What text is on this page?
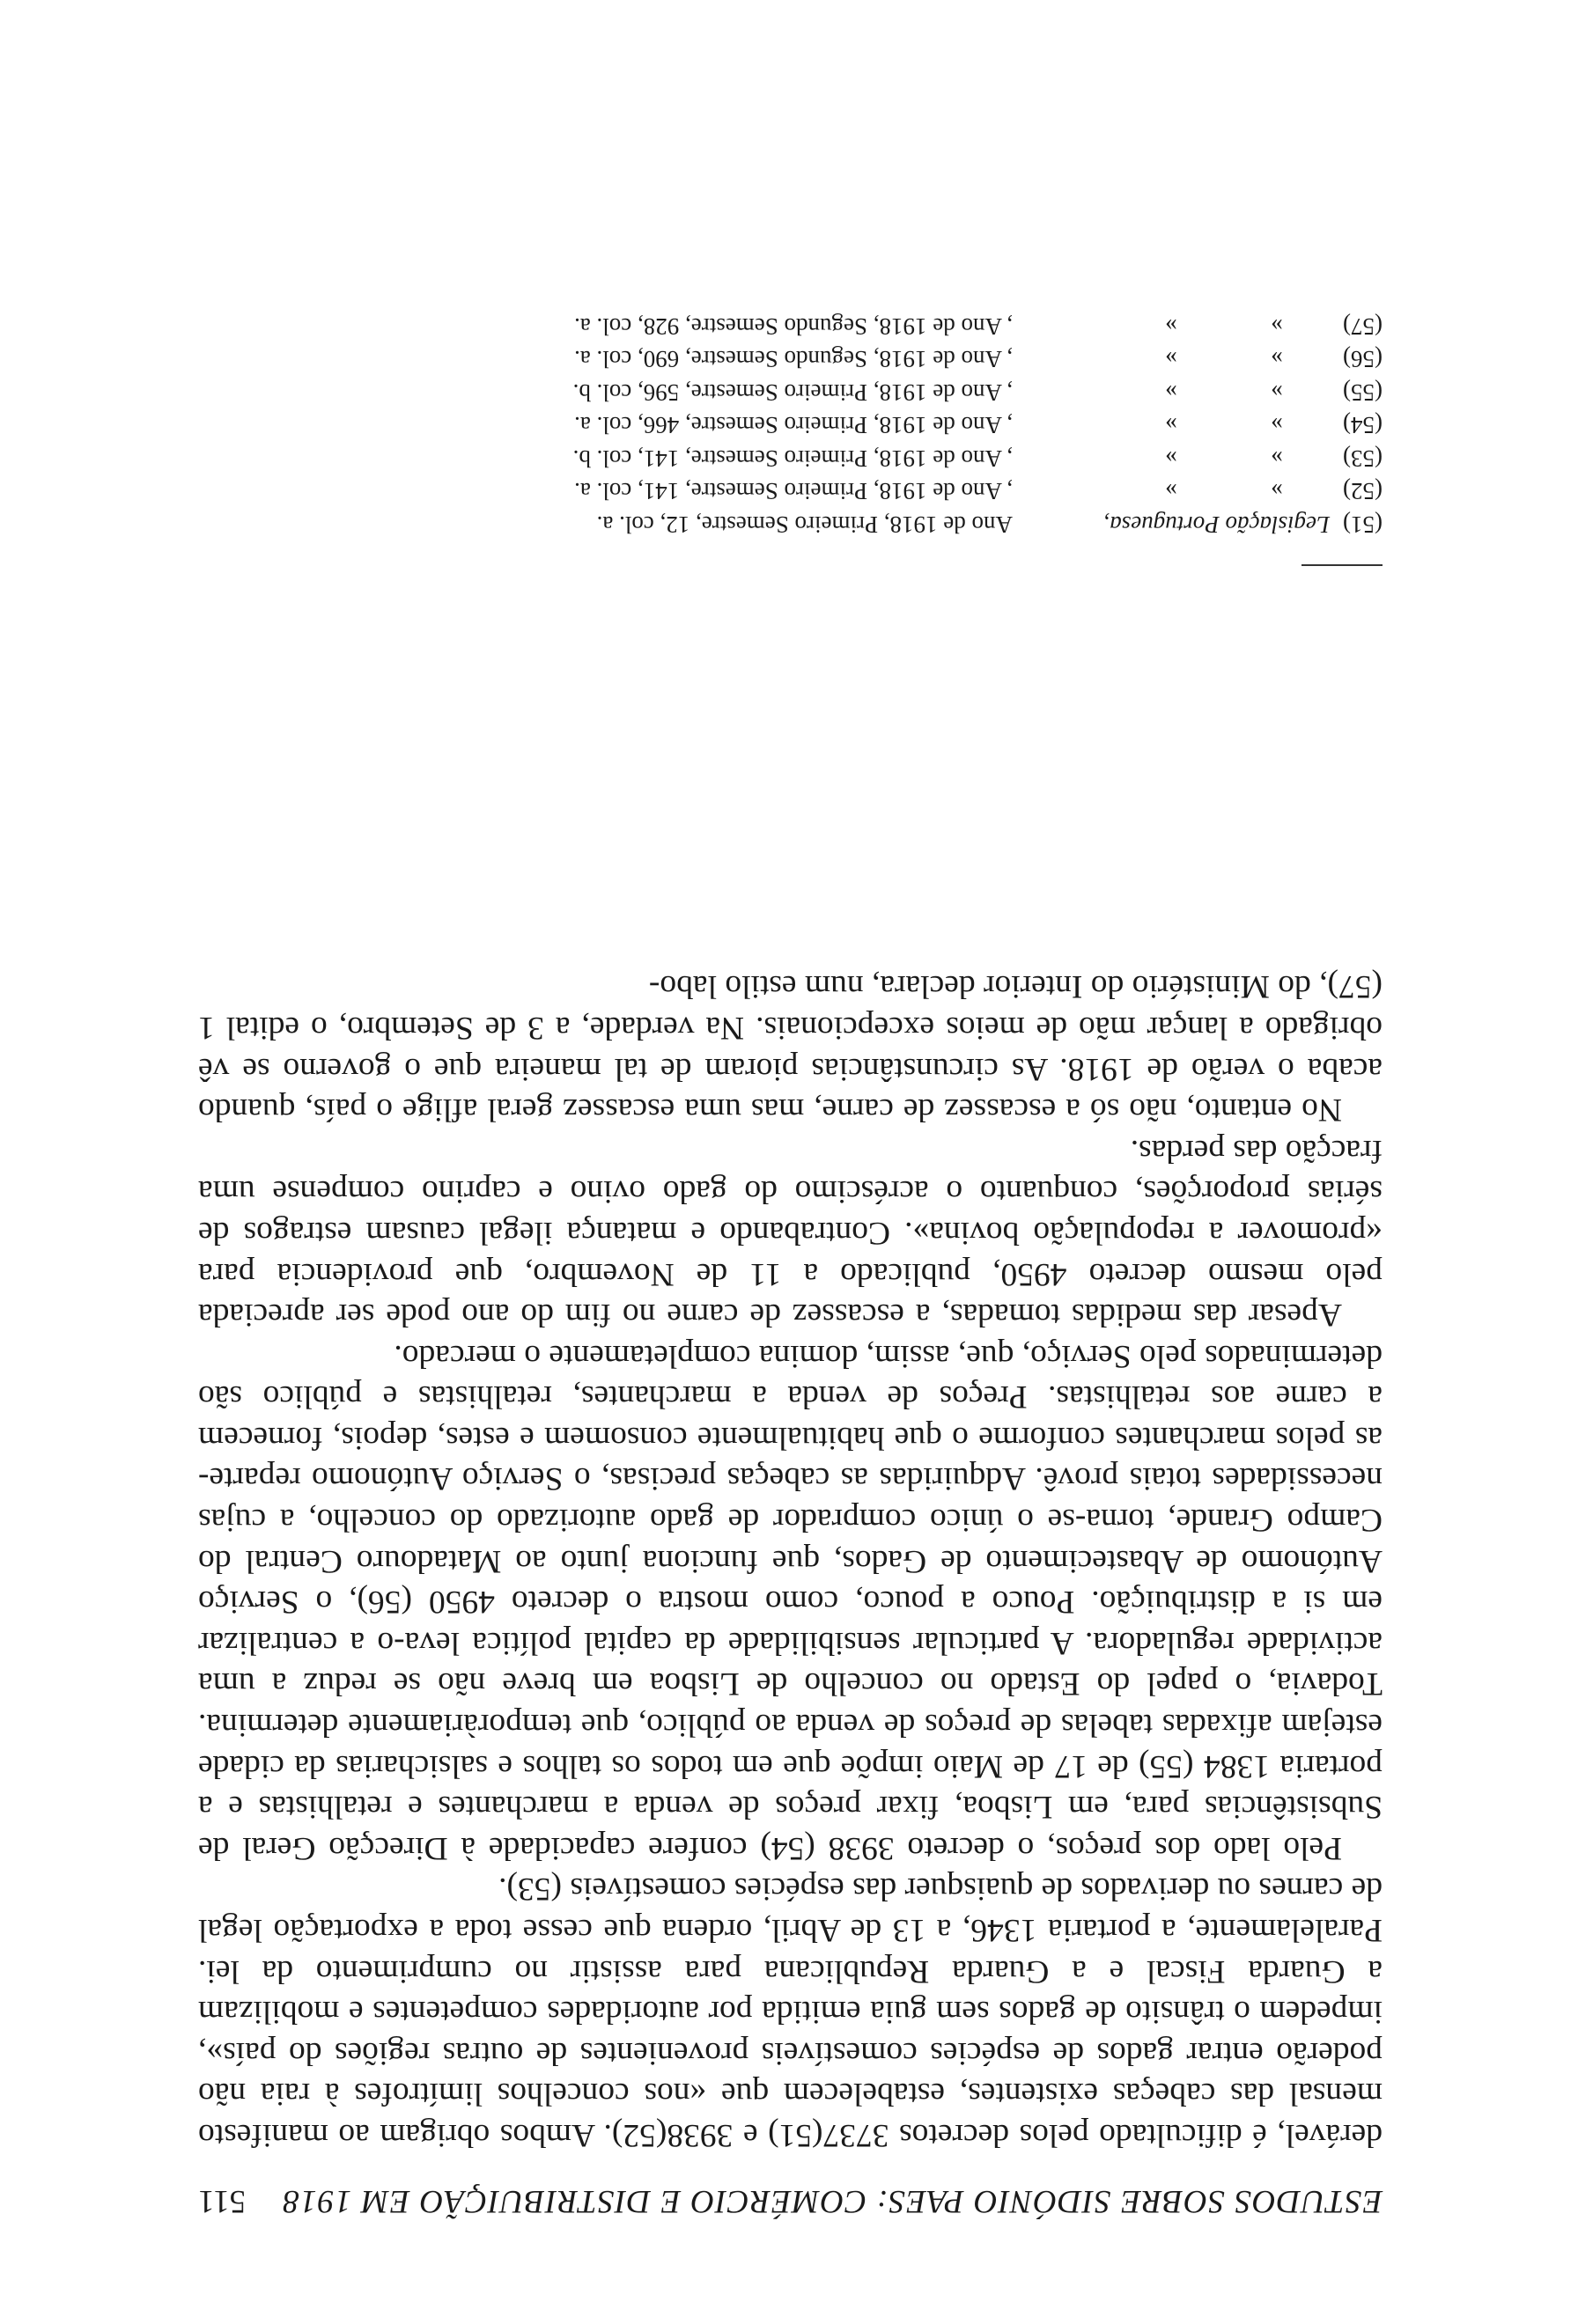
ESTUDOS SOBRE SIDÓNIO PAES: COMÉRCIO E DISTRIBUIÇÃO EM 1918
511

derável, é dificultado pelos decretos 3737(51) e 3938(52). Ambos obrigam ao manifesto mensal das cabeças existentes, estabelecem que «nos concelhos limítrofes à raia não poderão entrar gados de espécies comestíveis provenientes de outras regiões do país», impedem o trânsito de gados sem guia emitida por autoridades competentes e mobilizam a Guarda Fiscal e a Guarda Republicana para assistir no cumprimento da lei. Paralelamente, a portaria 1346, a 13 de Abril, ordena que cesse toda a exportação legal de carnes ou derivados de quaisquer das espécies comestíveis (53).

Pelo lado dos preços, o decreto 3938 (54) confere capacidade à Direcção Geral de Subsistências para, em Lisboa, fixar preços de venda a marchantes e retalhistas e a portaria 1384 (55) de 17 de Maio impõe que em todos os talhos e salsicharias da cidade estejam afixadas tabelas de preços de venda ao público, que temporàriamente determina. Todavia, o papel do Estado no concelho de Lisboa em breve não se reduz a uma actividade reguladora. A particular sensibilidade da capital política leva-o a centralizar em si a distribuição. Pouco a pouco, como mostra o decreto 4950 (56), o Serviço Autónomo de Abastecimento de Gados, que funciona junto ao Matadouro Central do Campo Grande, torna-se o único comprador de gado autorizado do concelho, a cujas necessidades totais provê. Adquiridas as cabeças precisas, o Serviço Autónomo reparte-as pelos marchantes conforme o que habitualmente consomem e estes, depois, fornecem a carne aos retalhistas. Preços de venda a marchantes, retalhistas e público são determinados pelo Serviço, que, assim, domina completamente o mercado.

Apesar das medidas tomadas, a escassez de carne no fim do ano pode ser apreciada pelo mesmo decreto 4950, publicado a 11 de Novembro, que providencia para «promover a repopulação bovina». Contrabando e matança ilegal causam estragos de sérias proporções, conquanto o acréscimo do gado ovino e caprino compense uma fracção das perdas.

No entanto, não só a escassez de carne, mas uma escassez geral aflige o país, quando acaba o verão de 1918. As circunstâncias pioram de tal maneira que o governo se vê obrigado a lançar mão de meios excepcionais. Na verdade, a 3 de Setembro, o edital 1 (57), do Ministério do Interior declara, num estilo labo-

(51)
Legislação Portuguesa,
Ano de 1918, Primeiro Semestre, 12, col. a.
(52)
»»
, Ano de 1918, Primeiro Semestre, 141, col. a.
(53)
»»
, Ano de 1918, Primeiro Semestre, 141, col. b.
(54)
»»
, Ano de 1918, Primeiro Semestre, 466, col. a.
(55)
»»
, Ano de 1918, Primeiro Semestre, 596, col. b.
(56)
»»
, Ano de 1918, Segundo Semestre, 690, col. a.
(57)
»»
, Ano de 1918, Segundo Semestre, 928, col. a.
